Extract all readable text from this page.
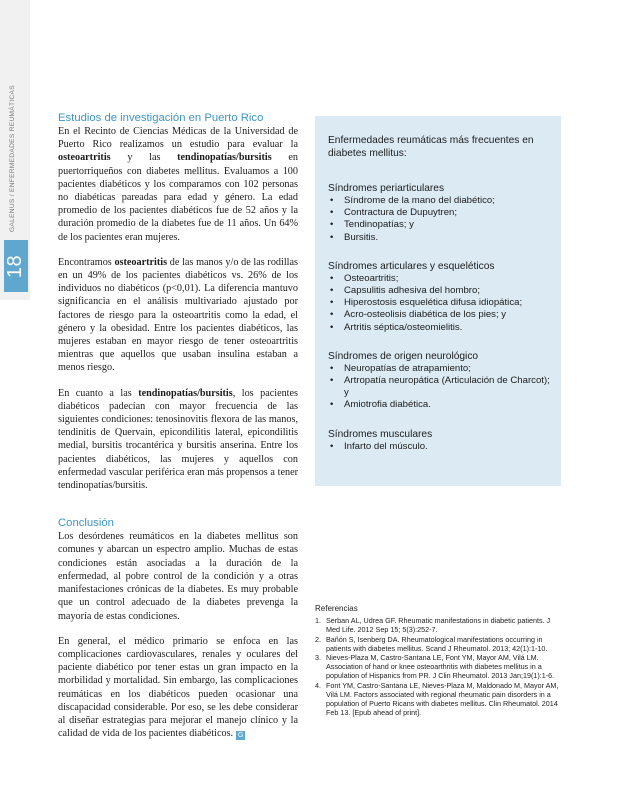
18
GALENUS / ENFERMEDADES REUMÁTICAS	Estudios de investigación en Puerto Rico

En el Recinto de Ciencias Médicas de la Universidad de Puerto Rico realizamos un estudio para evaluar la osteoartritis y las tendinopatías/bursitis en puertorriqueños con diabetes mellitus. Evaluamos a 100 pacientes diabéticos y los comparamos con 102 personas no diabéticas pareadas para edad y género. La edad promedio de los pacientes diabéticos fue de 52 años y la duración promedio de la diabetes fue de 11 años. Un 64% de los pacientes eran mujeres.

Encontramos osteoartritis de las manos y/o de las rodillas en un 49% de los pacientes diabéticos vs. 26% de los individuos no diabéticos (p<0,01). La diferencia mantuvo significancia en el análisis multivariado ajustado por factores de riesgo para la osteoartritis como la edad, el género y la obesidad. Entre los pacientes diabéticos, las mujeres estaban en mayor riesgo de tener osteoartritis mientras que aquellos que usaban insulina estaban a menos riesgo.

En cuanto a las tendinopatías/bursitis, los pacientes diabéticos padecían con mayor frecuencia de las siguientes condiciones: tenosinovitis flexora de las manos, tendinitis de Quervain, epicondilitis lateral, epicondilitis medial, bursitis trocantérica y bursitis anserina. Entre los pacientes diabéticos, las mujeres y aquellos con enfermedad vascular periférica eran más propensos a tener tendinopatías/bursitis.

Conclusión

Los desórdenes reumáticos en la diabetes mellitus son comunes y abarcan un espectro amplio. Muchas de estas condiciones están asociadas a la duración de la enfermedad, al pobre control de la condición y a otras manifestaciones crónicas de la diabetes. Es muy probable que un control adecuado de la diabetes prevenga la mayoría de estas condiciones.

En general, el médico primario se enfoca en las complicaciones cardiovasculares, renales y oculares del paciente diabético por tener estas un gran impacto en la morbilidad y mortalidad. Sin embargo, las complicaciones reumáticas en los diabéticos pueden ocasionar una discapacidad considerable. Por eso, se les debe considerar al diseñar estrategias para mejorar el manejo clínico y la calidad de vida de los pacientes diabéticos. G

Enfermedades reumáticas más frecuentes en diabetes mellitus:

Síndromes periarticulares
• Síndrome de la mano del diabético;
• Contractura de Dupuytren;
• Tendinopatías; y
• Bursitis.
Síndromes articulares y esqueléticos
• Osteoartritis;
• Capsulitis adhesiva del hombro;
• Hiperostosis esquelética difusa idiopática;
• Acro-osteolisis diabética de los pies; y
• Artritis séptica/osteomielitis.
Síndromes de origen neurológico
• Neuropatías de atrapamiento;
• Artropatía neuropática (Articulación de Charcot); y
• Amiotrofia diabética.
Síndromes musculares
• Infarto del músculo.

Referencias

1. Serban AL, Udrea GF. Rheumatic manifestations in diabetic patients. J Med Life. 2012 Sep 15; 5(3):252-7.
2. Bañón S, Isenberg DA. Rheumatological manifestations occurring in patients with diabetes mellitus. Scand J Rheumatol. 2013; 42(1):1-10.
3. Nieves-Plaza M, Castro-Santana LE, Font YM, Mayor AM, Vilá LM. Association of hand or knee osteoarthritis with diabetes mellitus in a population of Hispanics from PR. J Clin Rheumatol. 2013 Jan;19(1):1-6.
4. Font YM, Castro-Santana LE, Nieves-Plaza M, Maldonado M, Mayor AM, Vilá LM. Factors associated with regional rheumatic pain disorders in a population of Puerto Ricans with diabetes mellitus. Clin Rheumatol. 2014 Feb 13. [Epub ahead of print].
